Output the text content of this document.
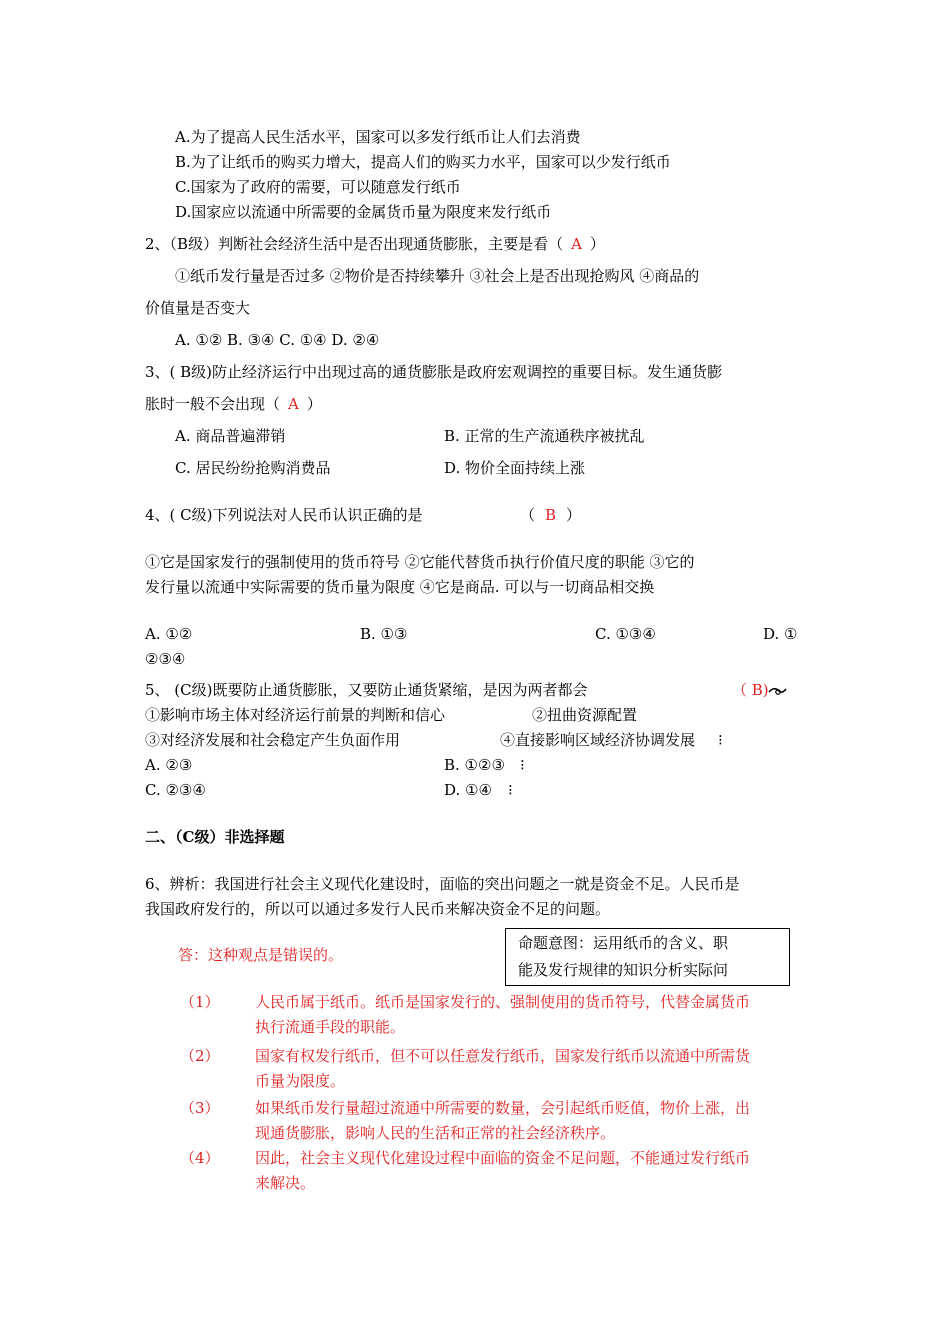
A.为了提高人民生活水平，国家可以多发行纸币让人们去消费
B.为了让纸币的购买力增大，提高人们的购买力水平，国家可以少发行纸币
C.国家为了政府的需要，可以随意发行纸币
D.国家应以流通中所需要的金属货币量为限度来发行纸币
2、（B级）判断社会经济生活中是否出现通货膨胀，主要是看（ A ）
①纸币发行量是否过多 ②物价是否持续攀升 ③社会上是否出现抢购风 ④商品的
价值量是否变大
A. ①② B. ③④ C. ①④ D. ②④
3、( B级)防止经济运行中出现过高的通货膨胀是政府宏观调控的重要目标。发生通货膨
胀时一般不会出现（ A ）
A. 商品普遍滞销	B. 正常的生产流通秩序被扰乱
C. 居民纷纷抢购消费品	D. 物价全面持续上涨
4、( C级)下列说法对人民币认识正确的是	（ B ）
①它是国家发行的强制使用的货币符号 ②它能代替货币执行价值尺度的职能 ③它的
发行量以流通中实际需要的货币量为限度 ④它是商品. 可以与一切商品相交换
A. ①②	B. ①③	C. ①③④	D. ①
②③④
5、 (C级)既要防止通货膨胀，又要防止通货紧缩，是因为两者都会	（ B)
①影响市场主体对经济运行前景的判断和信心	②扭曲资源配置
③对经济发展和社会稳定产生负面作用	④直接影响区域经济协调发展 ⁝
A. ②③	B. ①②③ ⁝
C. ②③④	D. ①④ ⁝
二、（C级）非选择题
6、辨析：我国进行社会主义现代化建设时，面临的突出问题之一就是资金不足。人民币是
我国政府发行的，所以可以通过多发行人民币来解决资金不足的问题。
答：这种观点是错误的。
命题意图：运用纸币的含义、职
能及发行规律的知识分析实际问
（1） 人民币属于纸币。纸币是国家发行的、强制使用的货币符号，代替金属货币
执行流通手段的职能。
（2） 国家有权发行纸币，但不可以任意发行纸币，国家发行纸币以流通中所需货
币量为限度。
（3） 如果纸币发行量超过流通中所需要的数量，会引起纸币贬值，物价上涨，出
现通货膨胀，影响人民的生活和正常的社会经济秩序。
（4） 因此，社会主义现代化建设过程中面临的资金不足问题，不能通过发行纸币
来解决。
